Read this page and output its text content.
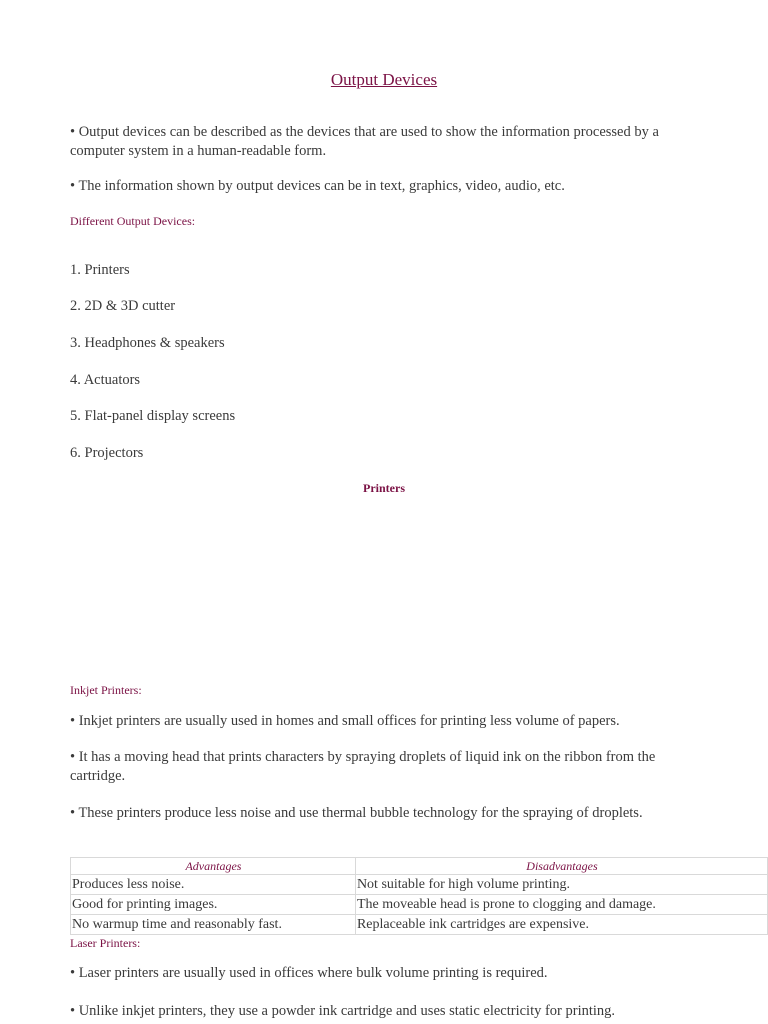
Output Devices
• Output devices can be described as the devices that are used to show the information processed by a computer system in a human-readable form.
• The information shown by output devices can be in text, graphics, video, audio, etc.
Different Output Devices:
1. Printers
2. 2D & 3D cutter
3. Headphones & speakers
4. Actuators
5. Flat-panel display screens
6. Projectors
Printers
Inkjet Printers:
• Inkjet printers are usually used in homes and small offices for printing less volume of papers.
• It has a moving head that prints characters by spraying droplets of liquid ink on the ribbon from the cartridge.
• These printers produce less noise and use thermal bubble technology for the spraying of droplets.
Advantages	Disadvantages
Produces less noise.	Not suitable for high volume printing.
Good for printing images.	The moveable head is prone to clogging and damage.
No warmup time and reasonably fast.	Replaceable ink cartridges are expensive.
Laser Printers:
• Laser printers are usually used in offices where bulk volume printing is required.
• Unlike inkjet printers, they use a powder ink cartridge and uses static electricity for printing.
